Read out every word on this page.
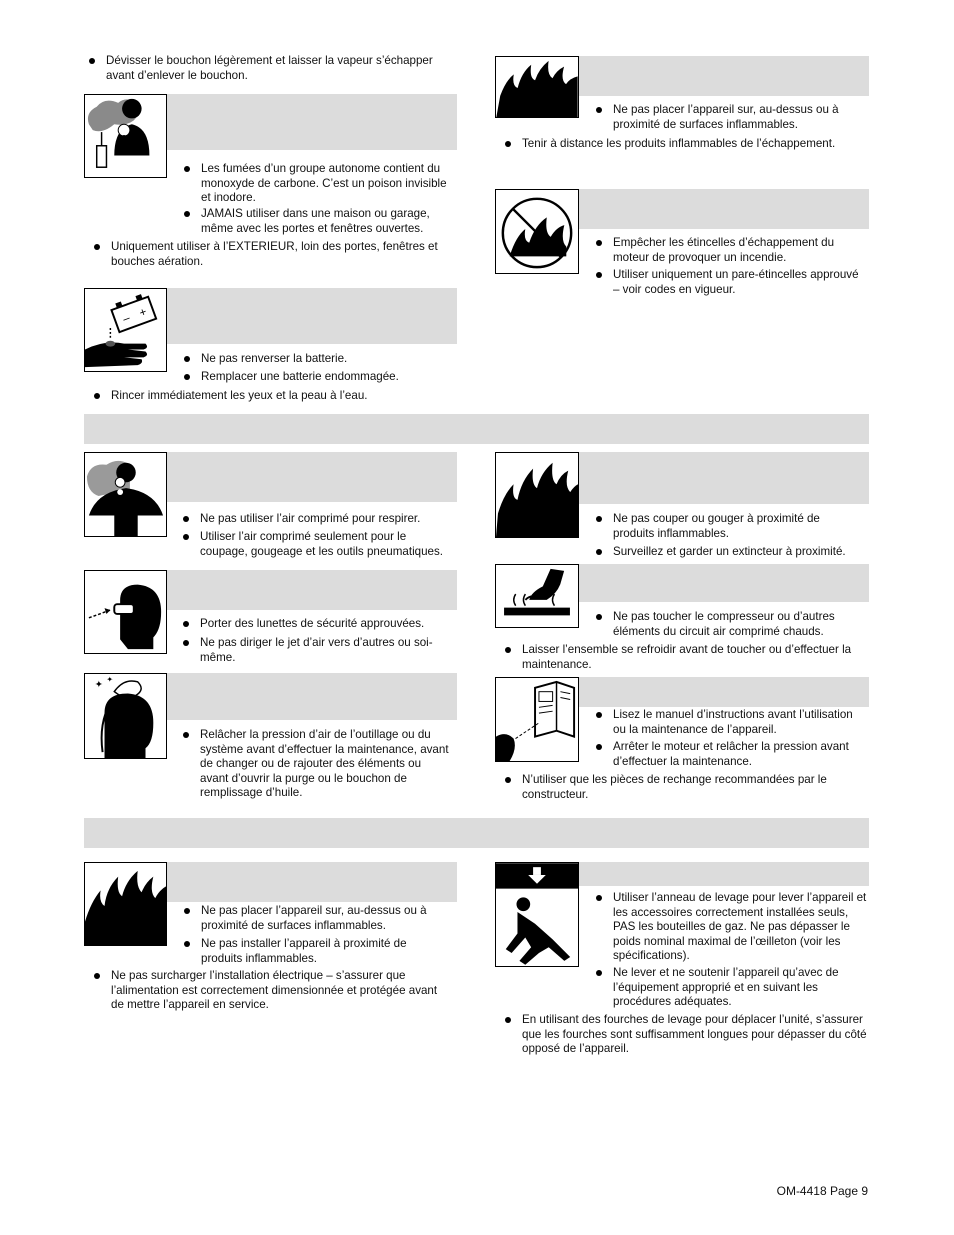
Dévisser le bouchon légèrement et laisser la vapeur s’échapper avant d’enlever le bouchon.
Les fumées d’un groupe autonome contient du monoxyde de carbone. C’est un poison invisible et inodore.
JAMAIS utiliser dans une maison ou garage, même avec les portes et fenêtres ouvertes.
Uniquement utiliser à l’EXTERIEUR, loin des portes, fenêtres et bouches aération.
– +
Ne pas renverser la batterie.
Remplacer une batterie endommagée.
Rincer immédiatement les yeux et la peau à l’eau.
Ne pas utiliser l’air comprimé pour respirer.
Utiliser l’air comprimé seulement pour le coupage, gougeage et les outils pneumatiques.
Porter des lunettes de sécurité approuvées.
Ne pas diriger le jet d’air vers d’autres ou soi-même.
✦
✦
Relâcher la pression d’air de l’outillage ou du système avant d’effectuer la maintenance, avant de changer ou de rajouter des éléments ou avant d’ouvrir la purge ou le bouchon de remplissage d’huile.
Ne pas placer l’appareil sur, au-dessus ou à proximité de surfaces inflammables.
Ne pas installer l’appareil à proximité de produits inflammables.
Ne pas surcharger l’installation électrique – s’assurer que l’alimentation est correctement dimensionnée et protégée avant de mettre l’appareil en service.
Ne pas placer l’appareil sur, au-dessus ou à proximité de surfaces inflammables.
Tenir à distance les produits inflammables de l’échappement.
Empêcher les étincelles d’échappement du moteur de provoquer un incendie.
Utiliser uniquement un pare-étincelles approuvé – voir codes en vigueur.
Ne pas couper ou gouger à proximité de produits inflammables.
Surveillez et garder un extincteur à proximité.
Ne pas toucher le compresseur ou d’autres éléments du circuit air comprimé chauds.
Laisser l’ensemble se refroidir avant de toucher ou d’effectuer la maintenance.
Lisez le manuel d’instructions avant l’utilisation ou la maintenance de l’appareil.
Arrêter le moteur et relâcher la pression avant d’effectuer la maintenance.
N’utiliser que les pièces de rechange recommandées par le constructeur.
Utiliser l’anneau de levage pour lever l’appareil et les accessoires correctement installées seuls, PAS les bouteilles de gaz. Ne pas dépasser le poids nominal maximal de l’œilleton (voir les spécifications).
Ne lever et ne soutenir l’appareil qu’avec de l’équipement approprié et en suivant les procédures adéquates.
En utilisant des fourches de levage pour déplacer l’unité, s’assurer que les fourches sont suffisamment longues pour dépasser du côté opposé de l’appareil.
OM-4418 Page 9
